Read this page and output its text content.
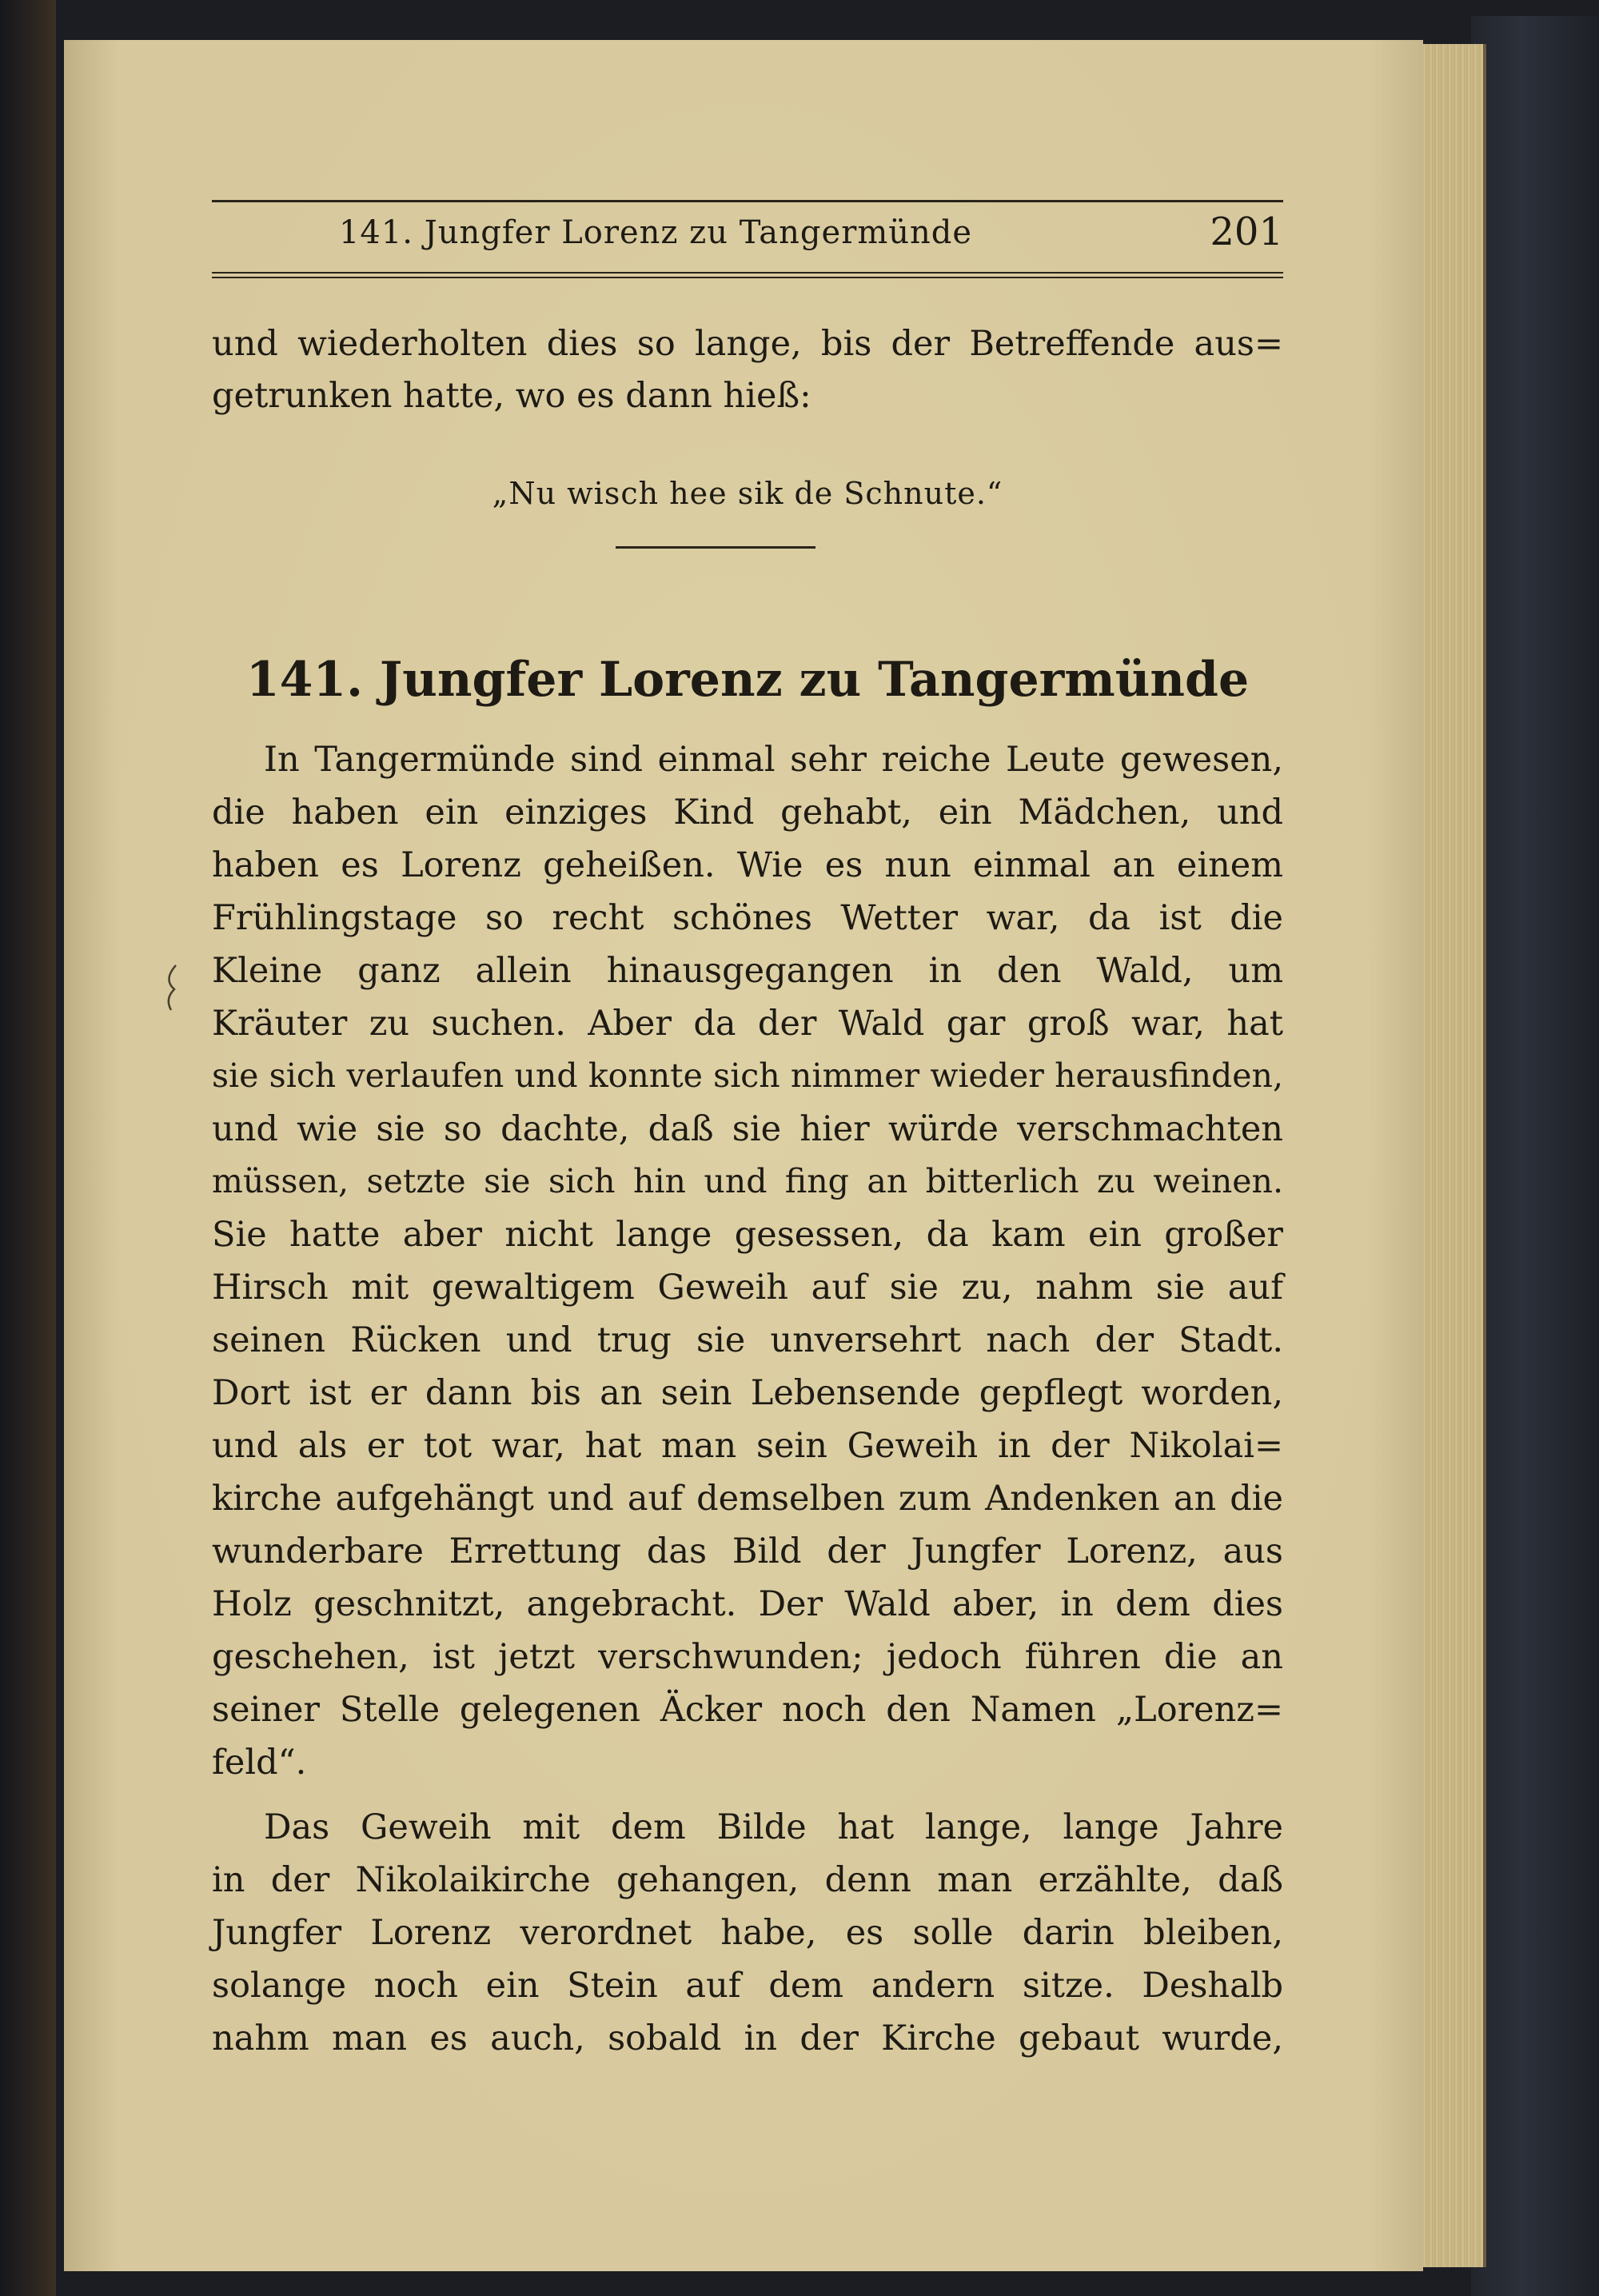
141. Jungfer Lorenz zu Tangermünde	201
und wiederholten dies so lange, bis der Betreffende aus=
getrunken hatte, wo es dann hieß:
„Nu wisch hee sik de Schnute.“
141. Jungfer Lorenz zu Tangermünde
In Tangermünde sind einmal sehr reiche Leute gewesen,
die haben ein einziges Kind gehabt, ein Mädchen, und
haben es Lorenz geheißen. Wie es nun einmal an einem
Frühlingstage so recht schönes Wetter war, da ist die
Kleine ganz allein hinausgegangen in den Wald, um
Kräuter zu suchen. Aber da der Wald gar groß war, hat
sie sich verlaufen und konnte sich nimmer wieder herausfinden,
und wie sie so dachte, daß sie hier würde verschmachten
müssen, setzte sie sich hin und fing an bitterlich zu weinen.
Sie hatte aber nicht lange gesessen, da kam ein großer
Hirsch mit gewaltigem Geweih auf sie zu, nahm sie auf
seinen Rücken und trug sie unversehrt nach der Stadt.
Dort ist er dann bis an sein Lebensende gepflegt worden,
und als er tot war, hat man sein Geweih in der Nikolai=
kirche aufgehängt und auf demselben zum Andenken an die
wunderbare Errettung das Bild der Jungfer Lorenz, aus
Holz geschnitzt, angebracht. Der Wald aber, in dem dies
geschehen, ist jetzt verschwunden; jedoch führen die an
seiner Stelle gelegenen Äcker noch den Namen „Lorenz=
feld“.
Das Geweih mit dem Bilde hat lange, lange Jahre
in der Nikolaikirche gehangen, denn man erzählte, daß
Jungfer Lorenz verordnet habe, es solle darin bleiben,
solange noch ein Stein auf dem andern sitze. Deshalb
nahm man es auch, sobald in der Kirche gebaut wurde,
